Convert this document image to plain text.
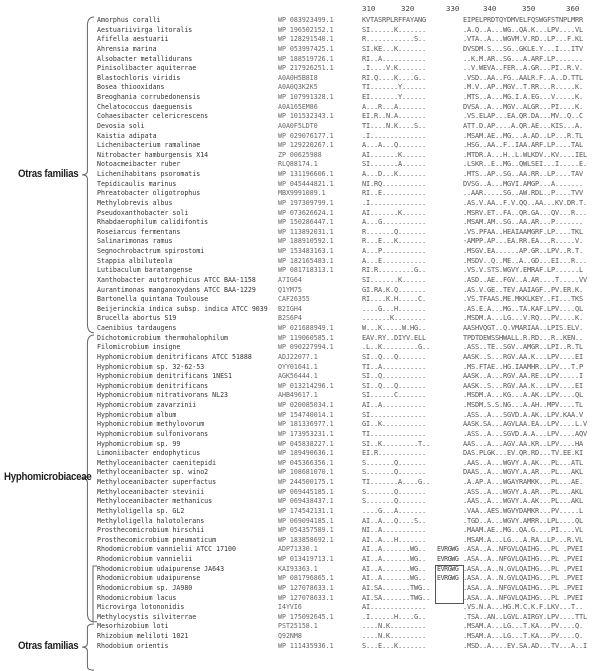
310	320	330	340	350	360
Otras familias
Hyphomicrobiaceae
Otras familias
Amorphus coralli	WP 083923499.1	KVTASRPLRFFAYANG	EIPELPRDTQYDMVELFQSWGFSTNPLMRR
Aestuariivirga litoralis	WP 196502152.1	SI......K.......	.A.Q..A...WG..QA.K...LPV....VL
Afifella aestuarii	WP 128291540.1	R............S..	.VTA..A...WGVM.V.RD..LP...F.KL
Ahrensia marina	WP 053997425.1	SI.KE...K.......	DVSDM.S...SG..GKLE.Y...I...ITV
Alsobacter metallidurans	WP 188519726.1	RI..A...........	..K.M.AR..SG...A.ARF.LP.......
Pinisolibacter aquiterrae	WP 217926251.1	.I....V.K.......	..V.WEVA..FER..A.GR...PI..R.V.
Blastochloris viridis	A0A0H5B8I8	RI.Q....K....G..	.VSD..AA..FG..AALR.F..A..D.TTL
Bosea thiooxidans	A0A0Q3K2K5	TI.......Y......	.M.V..AP..MGV..T.RR...R.....K.
Breoghania corrubedonensis	WP 107991328.1	EI.......Y......	.MTS..A...MG.I.A.EG...V.....K.
Chelatococcus daeguensis	A0A165EM86	A...R...A.......	DVSA..A...MGV..ALGR...PI....K.
Cohaesibacter celericrescens	WP 101532343.1	EI.R..N.A.......	.VS.ELAP...EA.QR.DA...MV..Q..C
Devosia soli	A0A0F5LDT0	TI....N.K....S..	ATT.D.AP....A.QR.AE...KIS...A.
Kaistia adipata	WP 029076177.1	.I..............	.MSAM.AE..MG...A.AD..LP...R.TL
Lichenibacterium ramalinae	WP 129220267.1	A...A...Q.......	.HSG..AA..F..IAA.ARF.LP....TAL
Nitrobacter hamburgensis X14	ZP 00625988	AI.......K......	.MTDR.A...H..L.WLKDV..KV....IEL
Notoacmeibacter ruber	RLQ88174.1	SI.......A......	.LSKR..E..MG..QWLSEI...I.....E.
Lichenihabitans psoromatis	WP 131196606.1	A...D...K.......	.MTS..AP..SG..AA.RR..LP....TAV
Tepidicaulis marinus	WP 045444821.1	NI.RQ...........	DVSG..A...MGVI.AMGP...A.......
Phreatobacter oligotrophus	MBX9991089.1	RI..E...........	..AAR.....SG..AW.RDL..P....TVV
Methylobrevis albus	WP 197309799.1	.I..............	.AS.V.AA..F.V.QQ..AA...KV.DR.T.
Pseudoxanthobacter soli	WP 073626624.1	AI.......K......	.MSRV.ET..FA..QR.GA...QV...R...
Rhabdaerophilum calidifontis	WP 150286447.1	A...G...........	.MSAM.AM..SG..AA.AR...P.......
Roseiarcus fermentans	WP 113892031.1	R.......Q.......	.VS.PFAA..HEAIAAMGRF.LP....TKL
Salinarimonas ramus	WP 188910592.1	R...E...K.......	-AMPP.AP...EA.RR.EA...R.....V.
Segnochrobactrum spirostomi	WP 153483163.1	A...P...........	.MSGV.EA......AP.GR..LPV..R.T.
Stappia albiluteola	WP 182165483.1	A...E...........	.MSDV..Q..ME..A..GD...EI...R...
Lutibaculum baratangense	WP 081718313.1	RI.R.........G..	.VS.V.STS.WGVY.EMRAF.LP......L
Xanthobacter autotrophicus ATCC BAA-1158	A7IG64	SI.......K......	.ASD..AE..FGV..A.AR....T.....VV
Aurantimonas manganoxydans ATCC BAA-1229	Q1YM75	GI.RA.K.Q.......	.AS.V.GE..TEV.AAIAGF..PV.ER.K.
Bartonella quintana Toulouse	CAF26355	RI....K.H.....C.	.VS.TFAAS.ME.MKKLKEY..FI...TKS
Beijerinckia indica subsp. indica ATCC 9039 B2IGH4	....G...H.......	.AS.E.A...MG..TA.KAF.LPV....QL
Brucella abortus S19	B2S6P4	.......K........	.MSDM.A...LG...V.RQ...PV....K.
Caenibius tardaugens	WP 021688949.1	W...K.....W.HG..	AASHVQGT..Q.VMARIAA..LPIS.ELV.
Dichotomicrobium thermohalophilum	WP 119060585.1	EAV.RY..DIYV.ELL	TPDTDEWSSHWALL.R.RD...R..KEN..
Filomicrobium insigne	WP 090227994.1	.L..K.........G..	.ASS..TE..SGV..AMGR..LPI..R.TL
Hyphomicrobium denitrificans ATCC 51888	ADJ22077.1	SI..Q...Q.......	AASK..S...RGV.AA.K...LPV....EI
Hyphomicrobium sp. 32-62-53	OYY01641.1	TI..A...........	.MS.FTAE..HG.IAAMHR..LPV...T.P
Hyphomicrobium denitrificans 1NES1	AGK56444.1	SI..Q...........	AASK..A...RGV.AA.RE..LPV.....I
Hyphomicrobium denitrificans	WP 013214296.1	SI..Q...Q.......	AASK..S...RGV.AA.K...LPV....EI
Hyphomicrobium nitrativorans NL23	AHB49617.1	SI......C.......	.MSDM.A...KG...A.AK..LPV....QL
Hyphomicrobium zavarzinii	WP 020085034.1	AI..A...........	.MSDM.S.S.NG...A.AH..MPV....TL
Hyphomicrobium album	WP 154740014.1	SI..............	.ASS..A...SGVD.A.AK..LPV.KAA.V
Hyphomicrobium methylovorum	WP 181336977.1	GI..K...........	AASK.SA...AGVLAA.EA..LPV....L.V
Hyphomicrobium sulfonivorans	WP 173953231.1	TI..............	.ASS..A...SGVD.A.A...LPV....AQV
Hyphomicrobium sp. 99	WP 045838227.1	SI..K.........T..	AAS...A...AGV.AA.KR..LPV....HA
Limoniibacter endophyticus	WP 189490636.1	EI.R............	DAS.PLGK...EV.QR.RD...TV.EE.KI
Methyloceanibacter caenitepidi	WP 045366356.1	S.......Q.......	.AAS..A...WGVY.A.AK...PL...ATL
Methyloceanibacter sp. wino2	WP 108681070.1	S.......Q.......	DAAS..A...WGVY.A.AR...PL...AKL
Methyloceanibacter superfactus	WP 244500175.1	TI.......A....G..	.A.AP.A...WGAYRAMKK...PL...AE.
Methyloceanibacter stevinii	WP 069445185.1	S.......Q.......	.ASS..A...WGVY.A.AR...PL...AKL
Methyloceanibacter methanicus	WP 069438437.1	S.......Q.......	.AAS..A...WGVY.A.AK...PL...AKL
Methyloligella sp. GL2	WP 174542131.1	....G...A.......	.VAA..AES.WGVYDAMKR...PV.....L
Methyloligella halotolerans	WP 069094185.1	AI..A...Q....S..	.TGD..A...WGVY.AMRR..LPL....QL
Prosthecomicrobium hirschii	WP 054357589.1	NI..A...........	.MAAM.AE..MG..QA.G....PI....VL
Prosthecomicrobium pneumaticum	WP 183858692.1	AI..A...H.......	.MSAM.A...LG...A.RA..LP...R.VL
Rhodomicrobium vannielii ATCC 17100	ADP71330.1	AI..A.......WG.. EVRGWG .ASA..A..NFGVLQAIHG...PL .PVEI
Rhodomicrobium vannielii	WP 013419713.1	AI..A.......WG.. EVRGWG .ASA..A..NFGVLQAIHG...PL .PVEI
Rhodomicrobium udaipurense JA643	KAI93363.1	AI..A.......WG.. EVRGWG .ASA..A..N.GVLQAIHG...PL .PVEI
Rhodomicrobium udaipurense	WP 081796865.1	AI..A.......WG.. EVRGWG .ASA..A..N.GVLQAIHG...PL .PVEI
Rhodomicrobium sp. JA980	WP 127078633.1	AI.SA.......TWG..	.ASA..A..NFGVLQAIHG...PL .PVEI
Rhodomicrobium lacus	WP 127078633.1	AI.SA.......TWG..	.ASA..A..NFGVLQAIHG...PL .PVEI
Microvirga lotononidis	I4YVI6	AI..............	.VS.N.A...HG.M.C.K.F.LKV...T..
Methylocystis silviterrae	WP 175092645.1	.I......H....G..	.TSA..AN..LGVL.AIRGY.LPV....TTL
Mesorhizobium loti	PST25158.1	....N.K.........	.MSAM.A...LG...T.KA...PV....Q.
Rhizobium meliloti 1021	Q92NM8	....N.K.........	.MSAM.A...LG...T.KA...PV....Q.
Rhodobium orientis	WP 111435936.1	S...E...K.......	.MSD..A....EV.SA.AD...TV...A..I
